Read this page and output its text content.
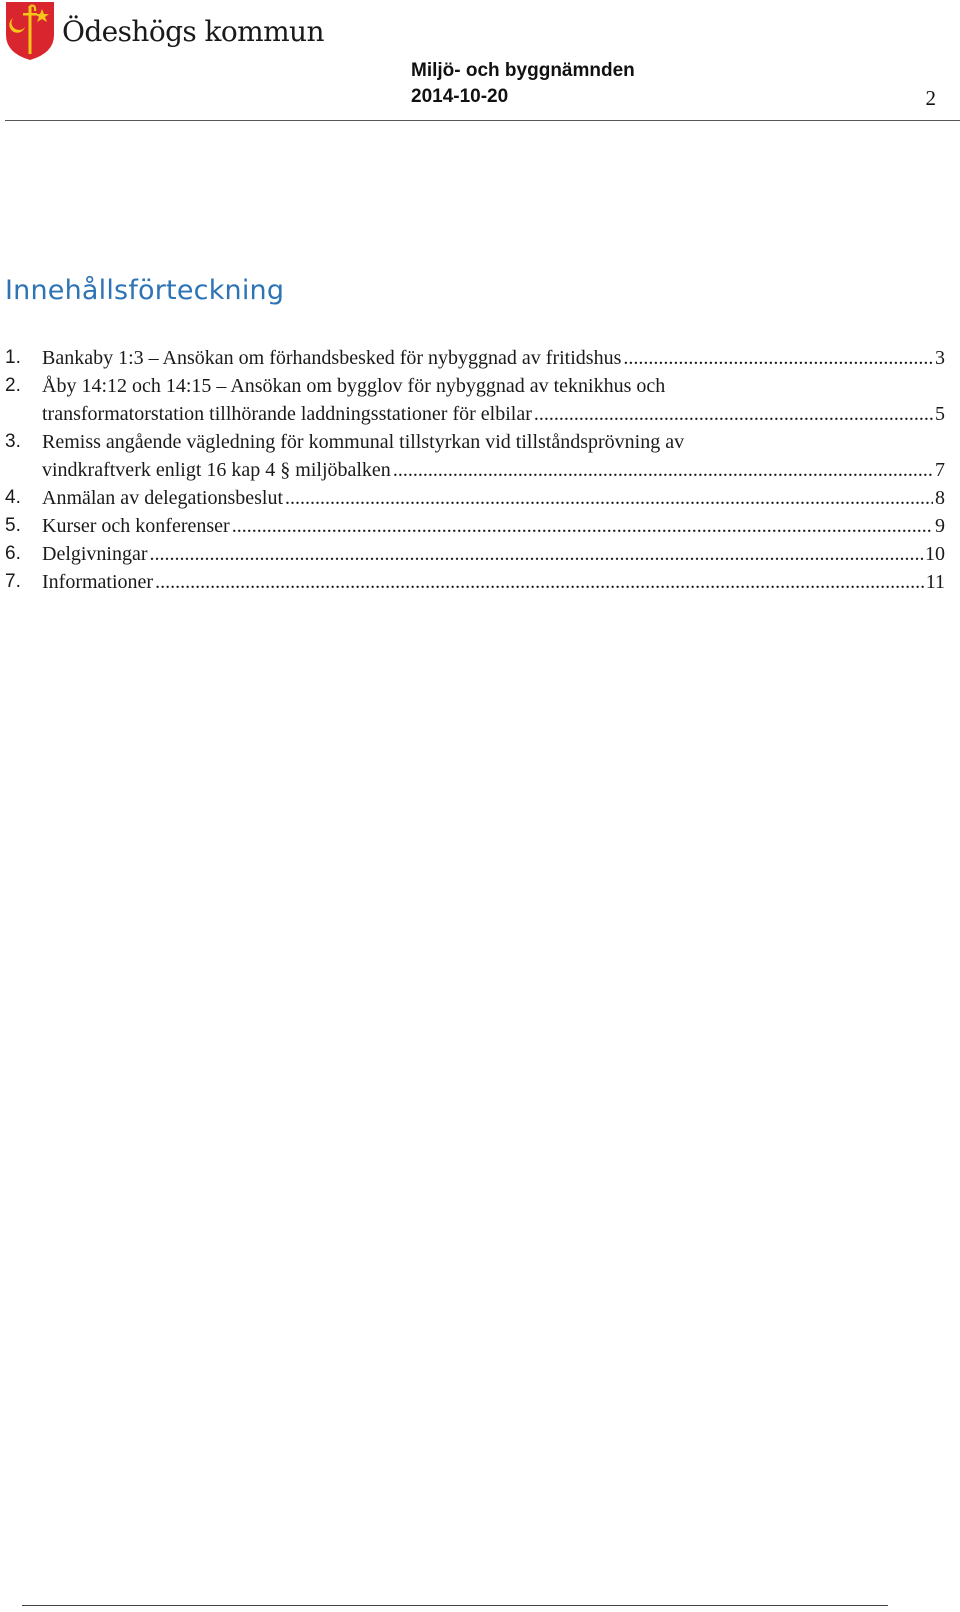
Ödeshögs kommun
Miljö- och byggnämnden
2014-10-20	2
Innehållsförteckning
1. Bankaby 1:3 – Ansökan om förhandsbesked för nybyggnad av fritidshus .....	3
2. Åby 14:12 och 14:15 – Ansökan om bygglov för nybyggnad av teknikhus och
transformatorstation tillhörande laddningsstationer för elbilar .....	5
3. Remiss angående vägledning för kommunal tillstyrkan vid tillståndsprövning av
vindkraftverk enligt 16 kap 4 § miljöbalken .....	7
4. Anmälan av delegationsbeslut .....	8
5. Kurser och konferenser .....	9
6. Delgivningar .....	10
7. Informationer .....	11
